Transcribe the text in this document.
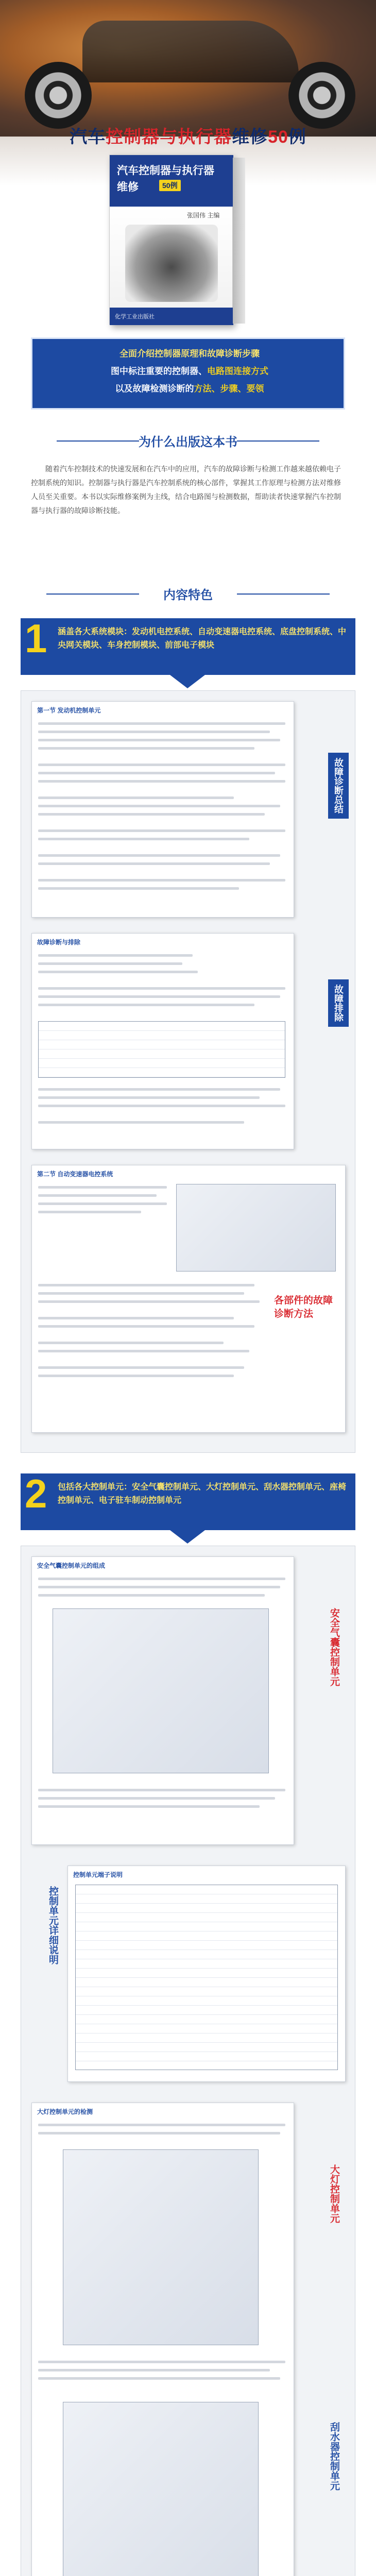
汽车控制器与执行器维修50例
汽车控制器与执行器
维修	50例
张国伟 主编
化学工业出版社
全面介绍控制器原理和故障诊断步骤
图中标注重要的控制器、电路图连接方式
以及故障检测诊断的方法、步骤、要领
为什么出版这本书
随着汽车控制技术的快速发展和在汽车中的应用，汽车的故障诊断与检测工作越来越依赖电子控制系统的知识。控制器与执行器是汽车控制系统的核心部件，掌握其工作原理与检测方法对维修人员至关重要。本书以实际维修案例为主线，结合电路图与检测数据，帮助读者快速掌握汽车控制器与执行器的故障诊断技能。
内容特色
1 涵盖各大系统模块：发动机电控系统、自动变速器电控系统、底盘控制系统、中央网关模块、车身控制模块、前部电子模块
第一节 发动机控制单元
故障诊断总结
故障诊断与排除
故障排除
第二节 自动变速器电控系统
各部件的故障诊断方法
2 包括各大控制单元：安全气囊控制单元、大灯控制单元、刮水器控制单元、座椅控制单元、电子驻车制动控制单元
安全气囊控制单元的组成
安全气囊控制单元
控制单元端子说明
控制单元详细说明
大灯控制单元的检测
大灯控制单元
刮水器控制单元
